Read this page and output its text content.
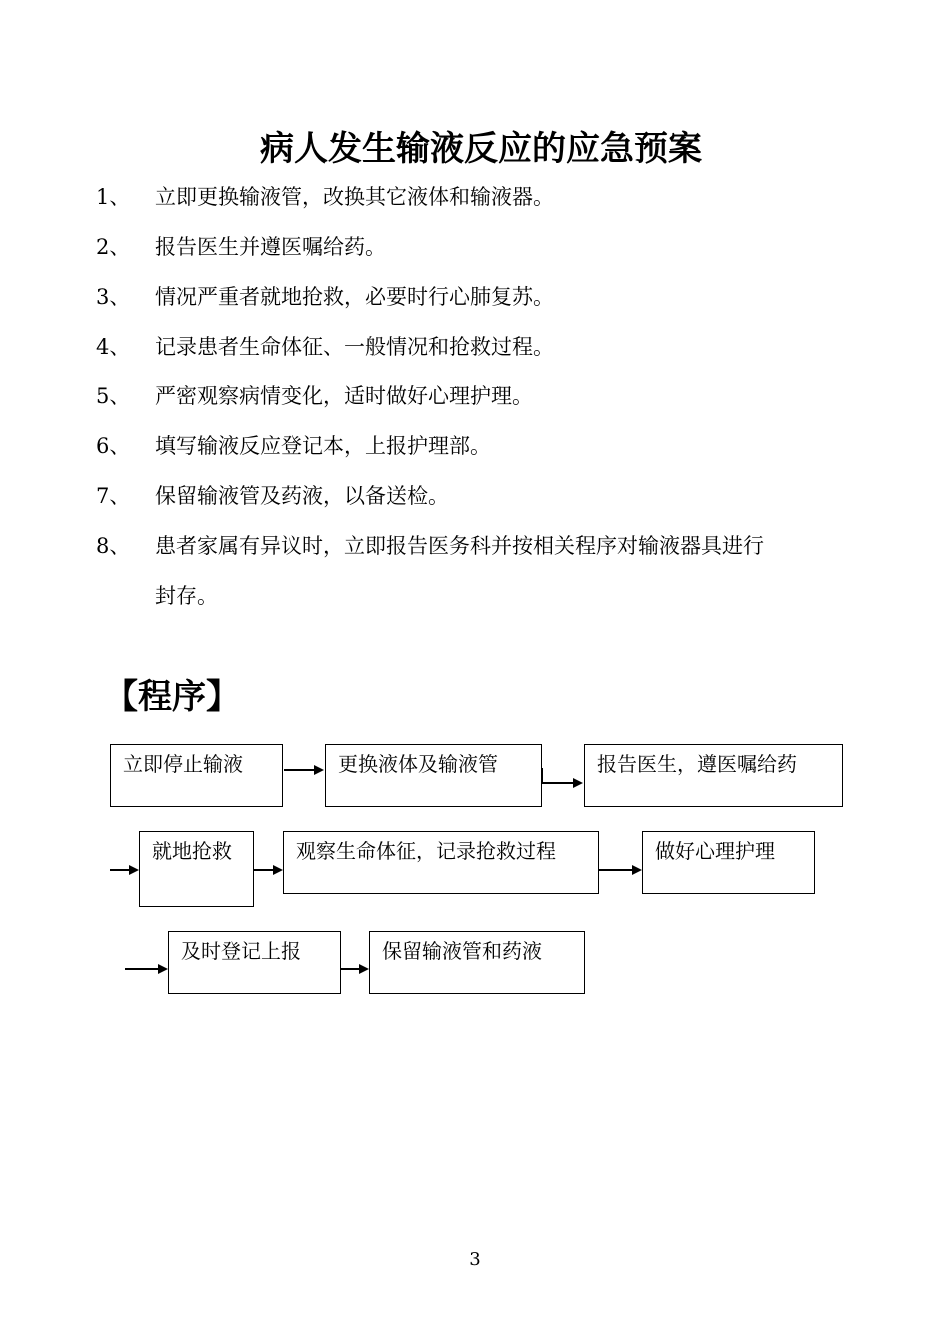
病人发生输液反应的应急预案
1、 立即更换输液管，改换其它液体和输液器。
2、 报告医生并遵医嘱给药。
3、 情况严重者就地抢救，必要时行心肺复苏。
4、 记录患者生命体征、一般情况和抢救过程。
5、 严密观察病情变化，适时做好心理护理。
6、 填写输液反应登记本，上报护理部。
7、 保留输液管及药液，以备送检。
8、 患者家属有异议时，立即报告医务科并按相关程序对输液器具进行
封存。
【程序】
立即停止输液	更换液体及输液管	报告医生，遵医嘱给药
就地抢救	观察生命体征，记录抢救过程	做好心理护理
及时登记上报	保留输液管和药液
3
